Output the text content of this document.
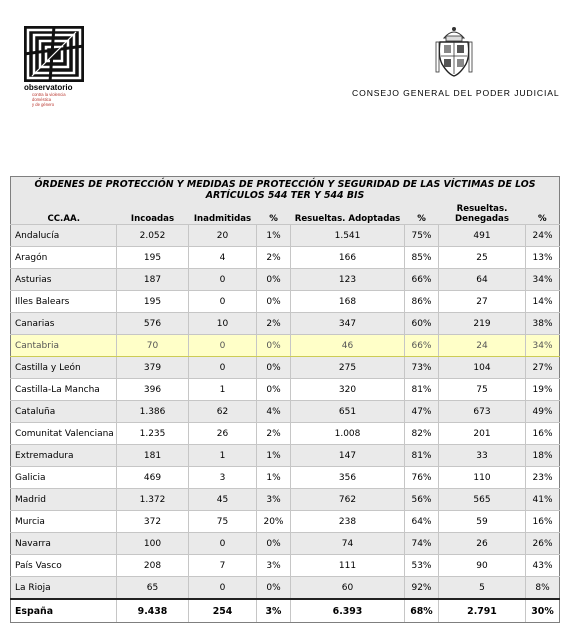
observatorio
contra la violencia
doméstica
y de género
CONSEJO GENERAL DEL PODER JUDICIAL
ÓRDENES DE PROTECCIÓN Y MEDIDAS DE PROTECCIÓN Y SEGURIDAD DE LAS VÍCTIMAS DE LOS ARTÍCULOS 544 TER Y 544 BIS							
CC.AA.	Incoadas	Inadmitidas	%	Resueltas. Adoptadas	%	Resueltas. Denegadas	%
Andalucía	2.052	20	1%	1.541	75%	491	24%
Aragón	195	4	2%	166	85%	25	13%
Asturias	187	0	0%	123	66%	64	34%
Illes Balears	195	0	0%	168	86%	27	14%
Canarias	576	10	2%	347	60%	219	38%
Cantabria	70	0	0%	46	66%	24	34%
Castilla y León	379	0	0%	275	73%	104	27%
Castilla-La Mancha	396	1	0%	320	81%	75	19%
Cataluña	1.386	62	4%	651	47%	673	49%
Comunitat Valenciana	1.235	26	2%	1.008	82%	201	16%
Extremadura	181	1	1%	147	81%	33	18%
Galicia	469	3	1%	356	76%	110	23%
Madrid	1.372	45	3%	762	56%	565	41%
Murcia	372	75	20%	238	64%	59	16%
Navarra	100	0	0%	74	74%	26	26%
País Vasco	208	7	3%	111	53%	90	43%
La Rioja	65	0	0%	60	92%	5	8%
España	9.438	254	3%	6.393	68%	2.791	30%
